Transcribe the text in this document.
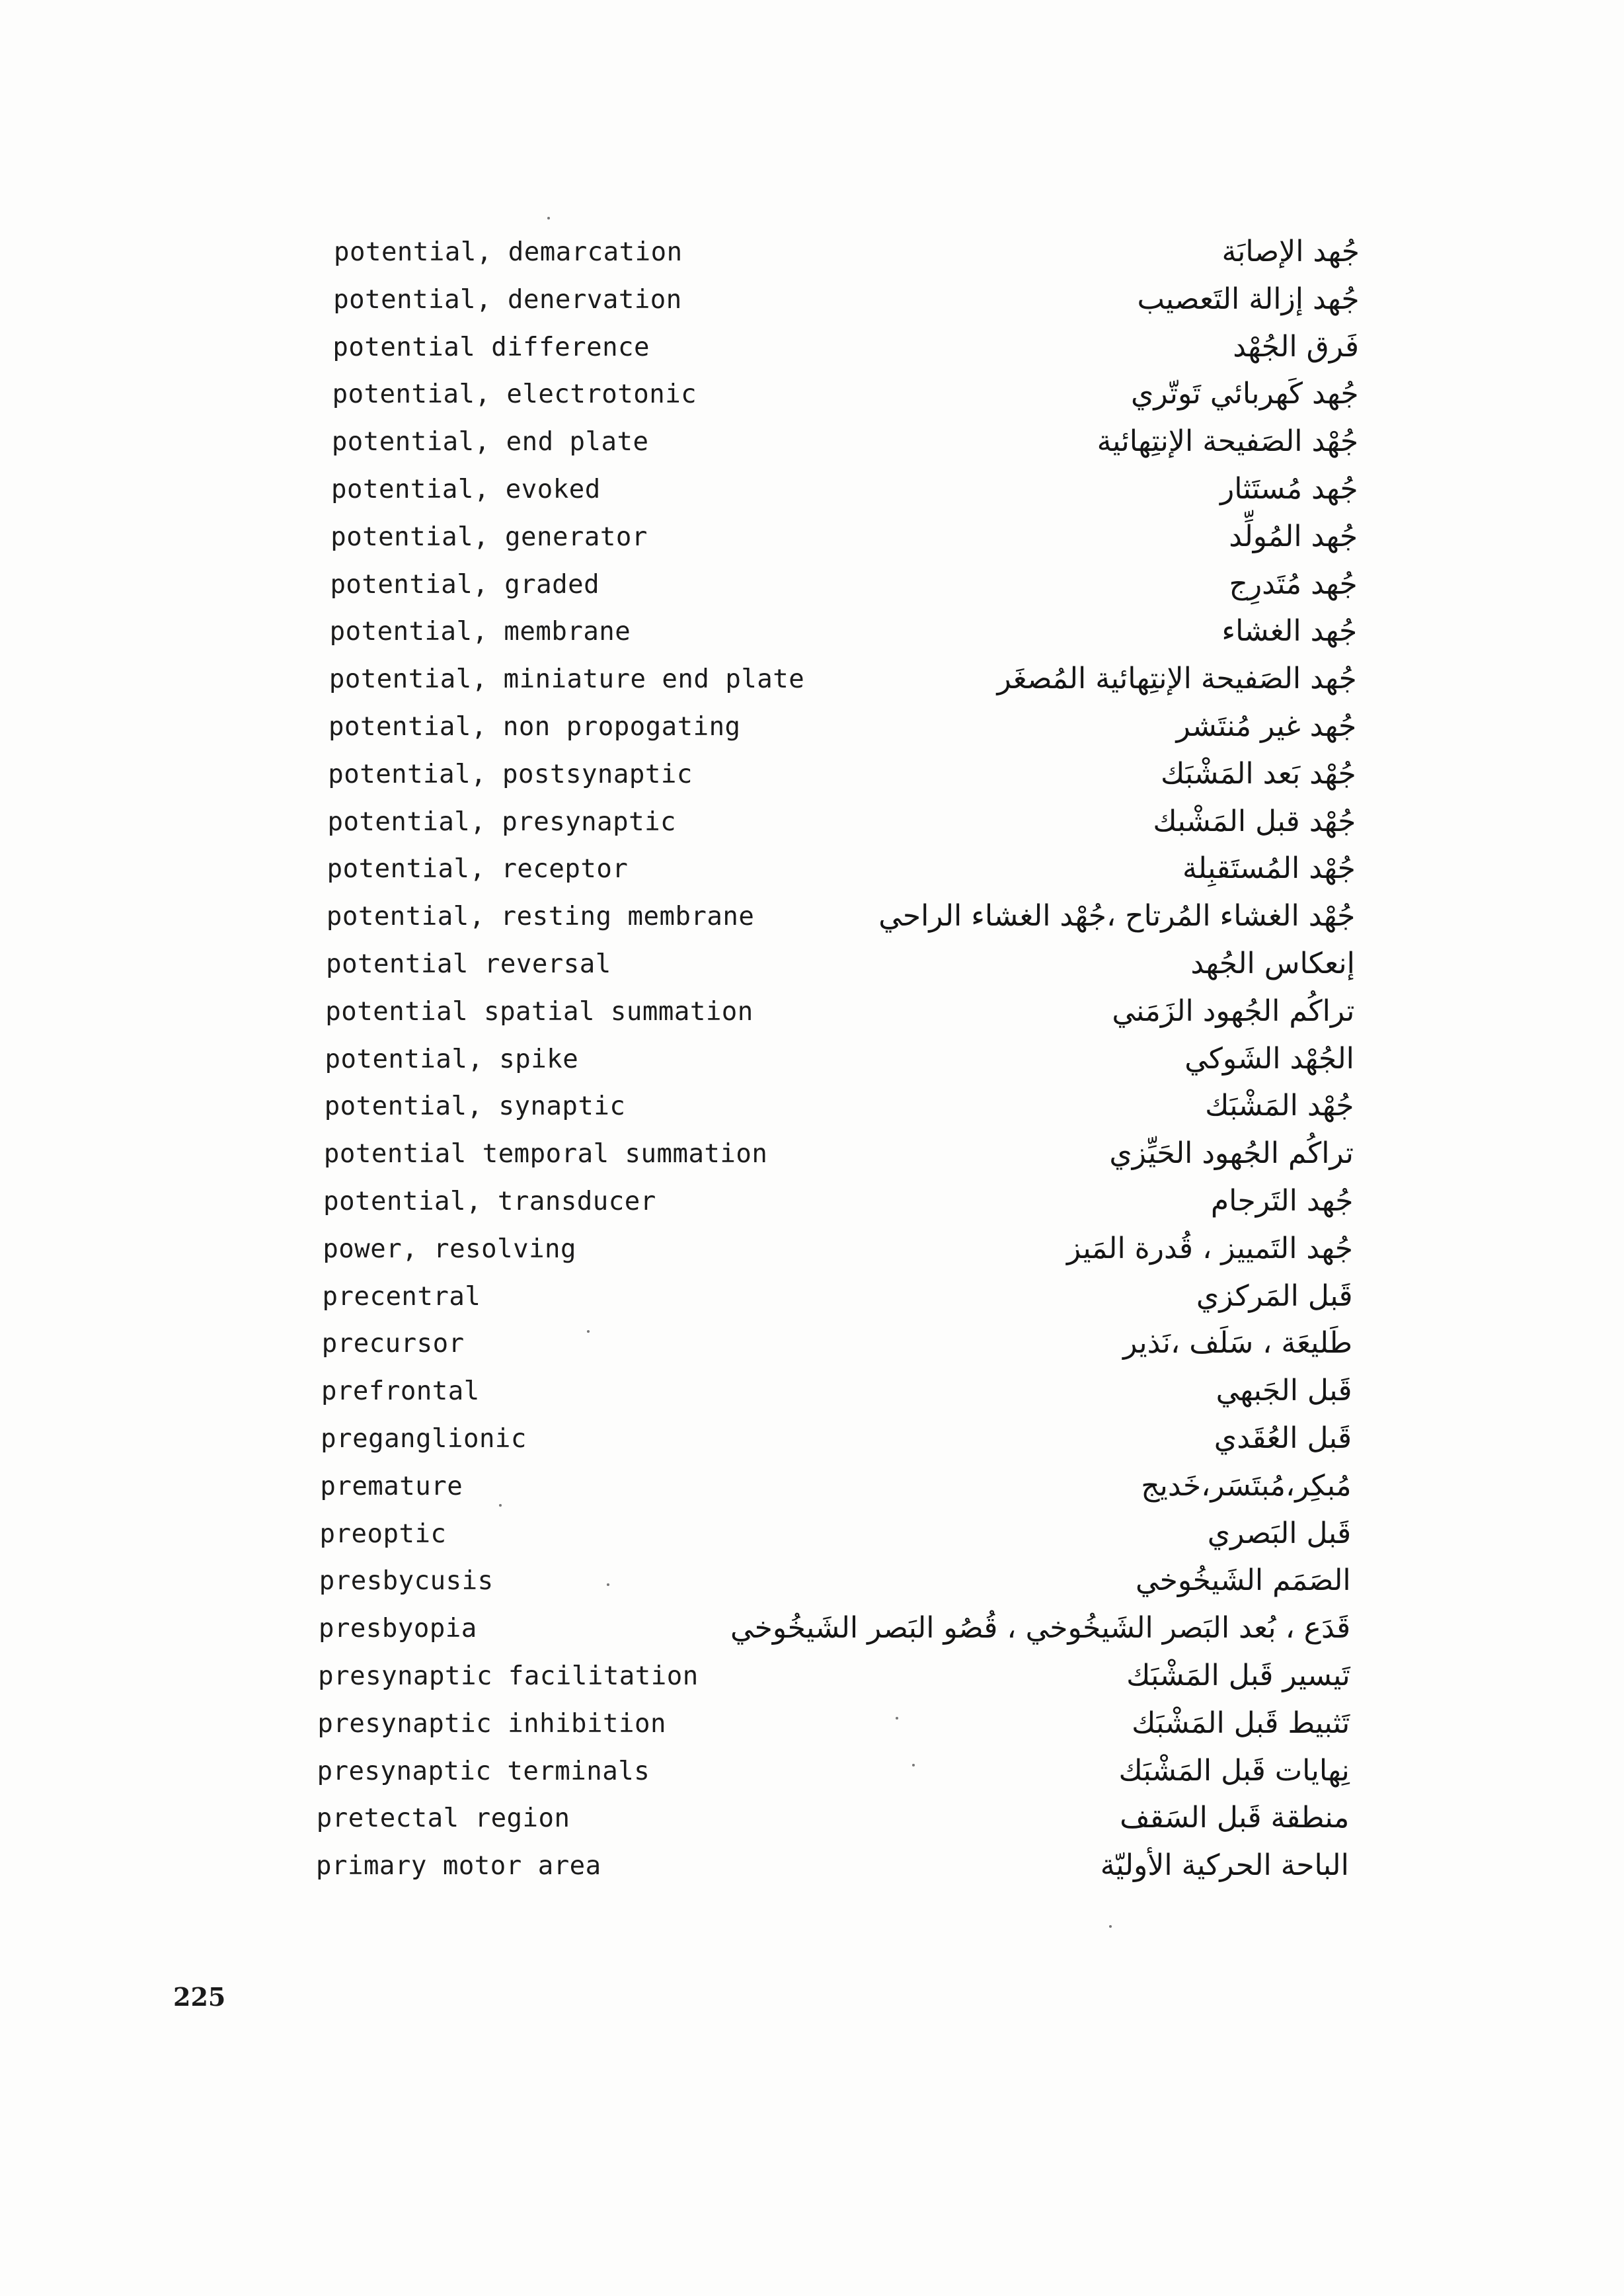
potential, demarcation	جُهد الإصابَة
potential, denervation	جُهد إزالة التَعصيب
potential difference	فَرق الجُهْد
potential, electrotonic	جُهد كَهربائي تَوتّري
potential, end plate	جُهْد الصَفيحة الإنتِهائية
potential, evoked	جُهد مُستَثار
potential, generator	جُهد المُولِّد
potential, graded	جُهد مُتَدرِج
potential, membrane	جُهد الغشاء
potential, miniature end plate	جُهد الصَفيحة الإنتِهائية المُصغَر
potential, non propogating	جُهد غير مُنتَشر
potential, postsynaptic	جُهْد بَعد المَشْبَك
potential, presynaptic	جُهْد قبل المَشْبك
potential, receptor	جُهْد المُستَقبِلة
potential, resting membrane	جُهْد الغشاء المُرتاح ،جُهْد الغشاء الراحي
potential reversal	إنعكاس الجُهد
potential spatial summation	تراكُم الجُهود الزَمَني
potential, spike	الجُهْد الشَوكي
potential, synaptic	جُهْد المَشْبَك
potential temporal summation	تراكُم الجُهود الحَيِّزي
potential, transducer	جُهد التَرجام
power, resolving	جُهد التَمييز ، قُدرة المَيز
precentral	قَبل المَركزي
precursor	طَليعَة ، سَلَف ،نَذير
prefrontal	قَبل الجَبهي
preganglionic	قَبل العُقَدي
premature	مُبكِر،مُبتَسَر،خَديج
preoptic	قَبل البَصري
presbycusis	الصَمَم الشَيخُوخي
presbyopia	قَدَع ، بُعد البَصر الشَيخُوخي ، قُصُو البَصر الشَيخُوخي
presynaptic facilitation	تَيسير قَبل المَشْبَك
presynaptic inhibition	تَثبيط قَبل المَشْبَك
presynaptic terminals	نِهايات قَبل المَشْبَك
pretectal region	منطقة قَبل السَقف
primary motor area	الباحة الحركية الأوليّة
225
